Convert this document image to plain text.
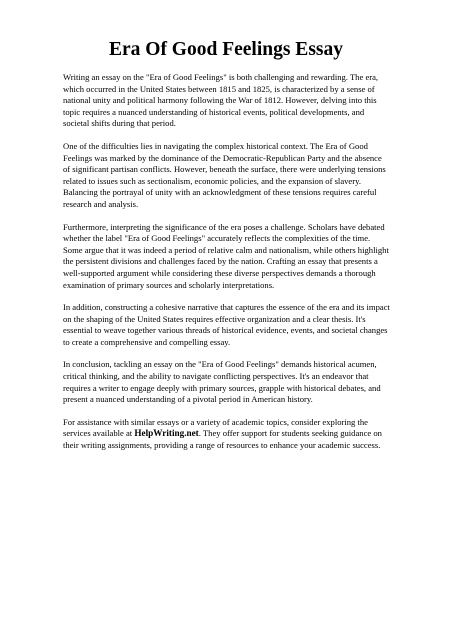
Era Of Good Feelings Essay

Writing an essay on the "Era of Good Feelings" is both challenging and rewarding. The era, which occurred in the United States between 1815 and 1825, is characterized by a sense of national unity and political harmony following the War of 1812. However, delving into this topic requires a nuanced understanding of historical events, political developments, and societal shifts during that period.

One of the difficulties lies in navigating the complex historical context. The Era of Good Feelings was marked by the dominance of the Democratic-Republican Party and the absence of significant partisan conflicts. However, beneath the surface, there were underlying tensions related to issues such as sectionalism, economic policies, and the expansion of slavery. Balancing the portrayal of unity with an acknowledgment of these tensions requires careful research and analysis.

Furthermore, interpreting the significance of the era poses a challenge. Scholars have debated whether the label "Era of Good Feelings" accurately reflects the complexities of the time. Some argue that it was indeed a period of relative calm and nationalism, while others highlight the persistent divisions and challenges faced by the nation. Crafting an essay that presents a well-supported argument while considering these diverse perspectives demands a thorough examination of primary sources and scholarly interpretations.

In addition, constructing a cohesive narrative that captures the essence of the era and its impact on the shaping of the United States requires effective organization and a clear thesis. It's essential to weave together various threads of historical evidence, events, and societal changes to create a comprehensive and compelling essay.

In conclusion, tackling an essay on the "Era of Good Feelings" demands historical acumen, critical thinking, and the ability to navigate conflicting perspectives. It's an endeavor that requires a writer to engage deeply with primary sources, grapple with historical debates, and present a nuanced understanding of a pivotal period in American history.

For assistance with similar essays or a variety of academic topics, consider exploring the services available at HelpWriting.net. They offer support for students seeking guidance on their writing assignments, providing a range of resources to enhance your academic success.
